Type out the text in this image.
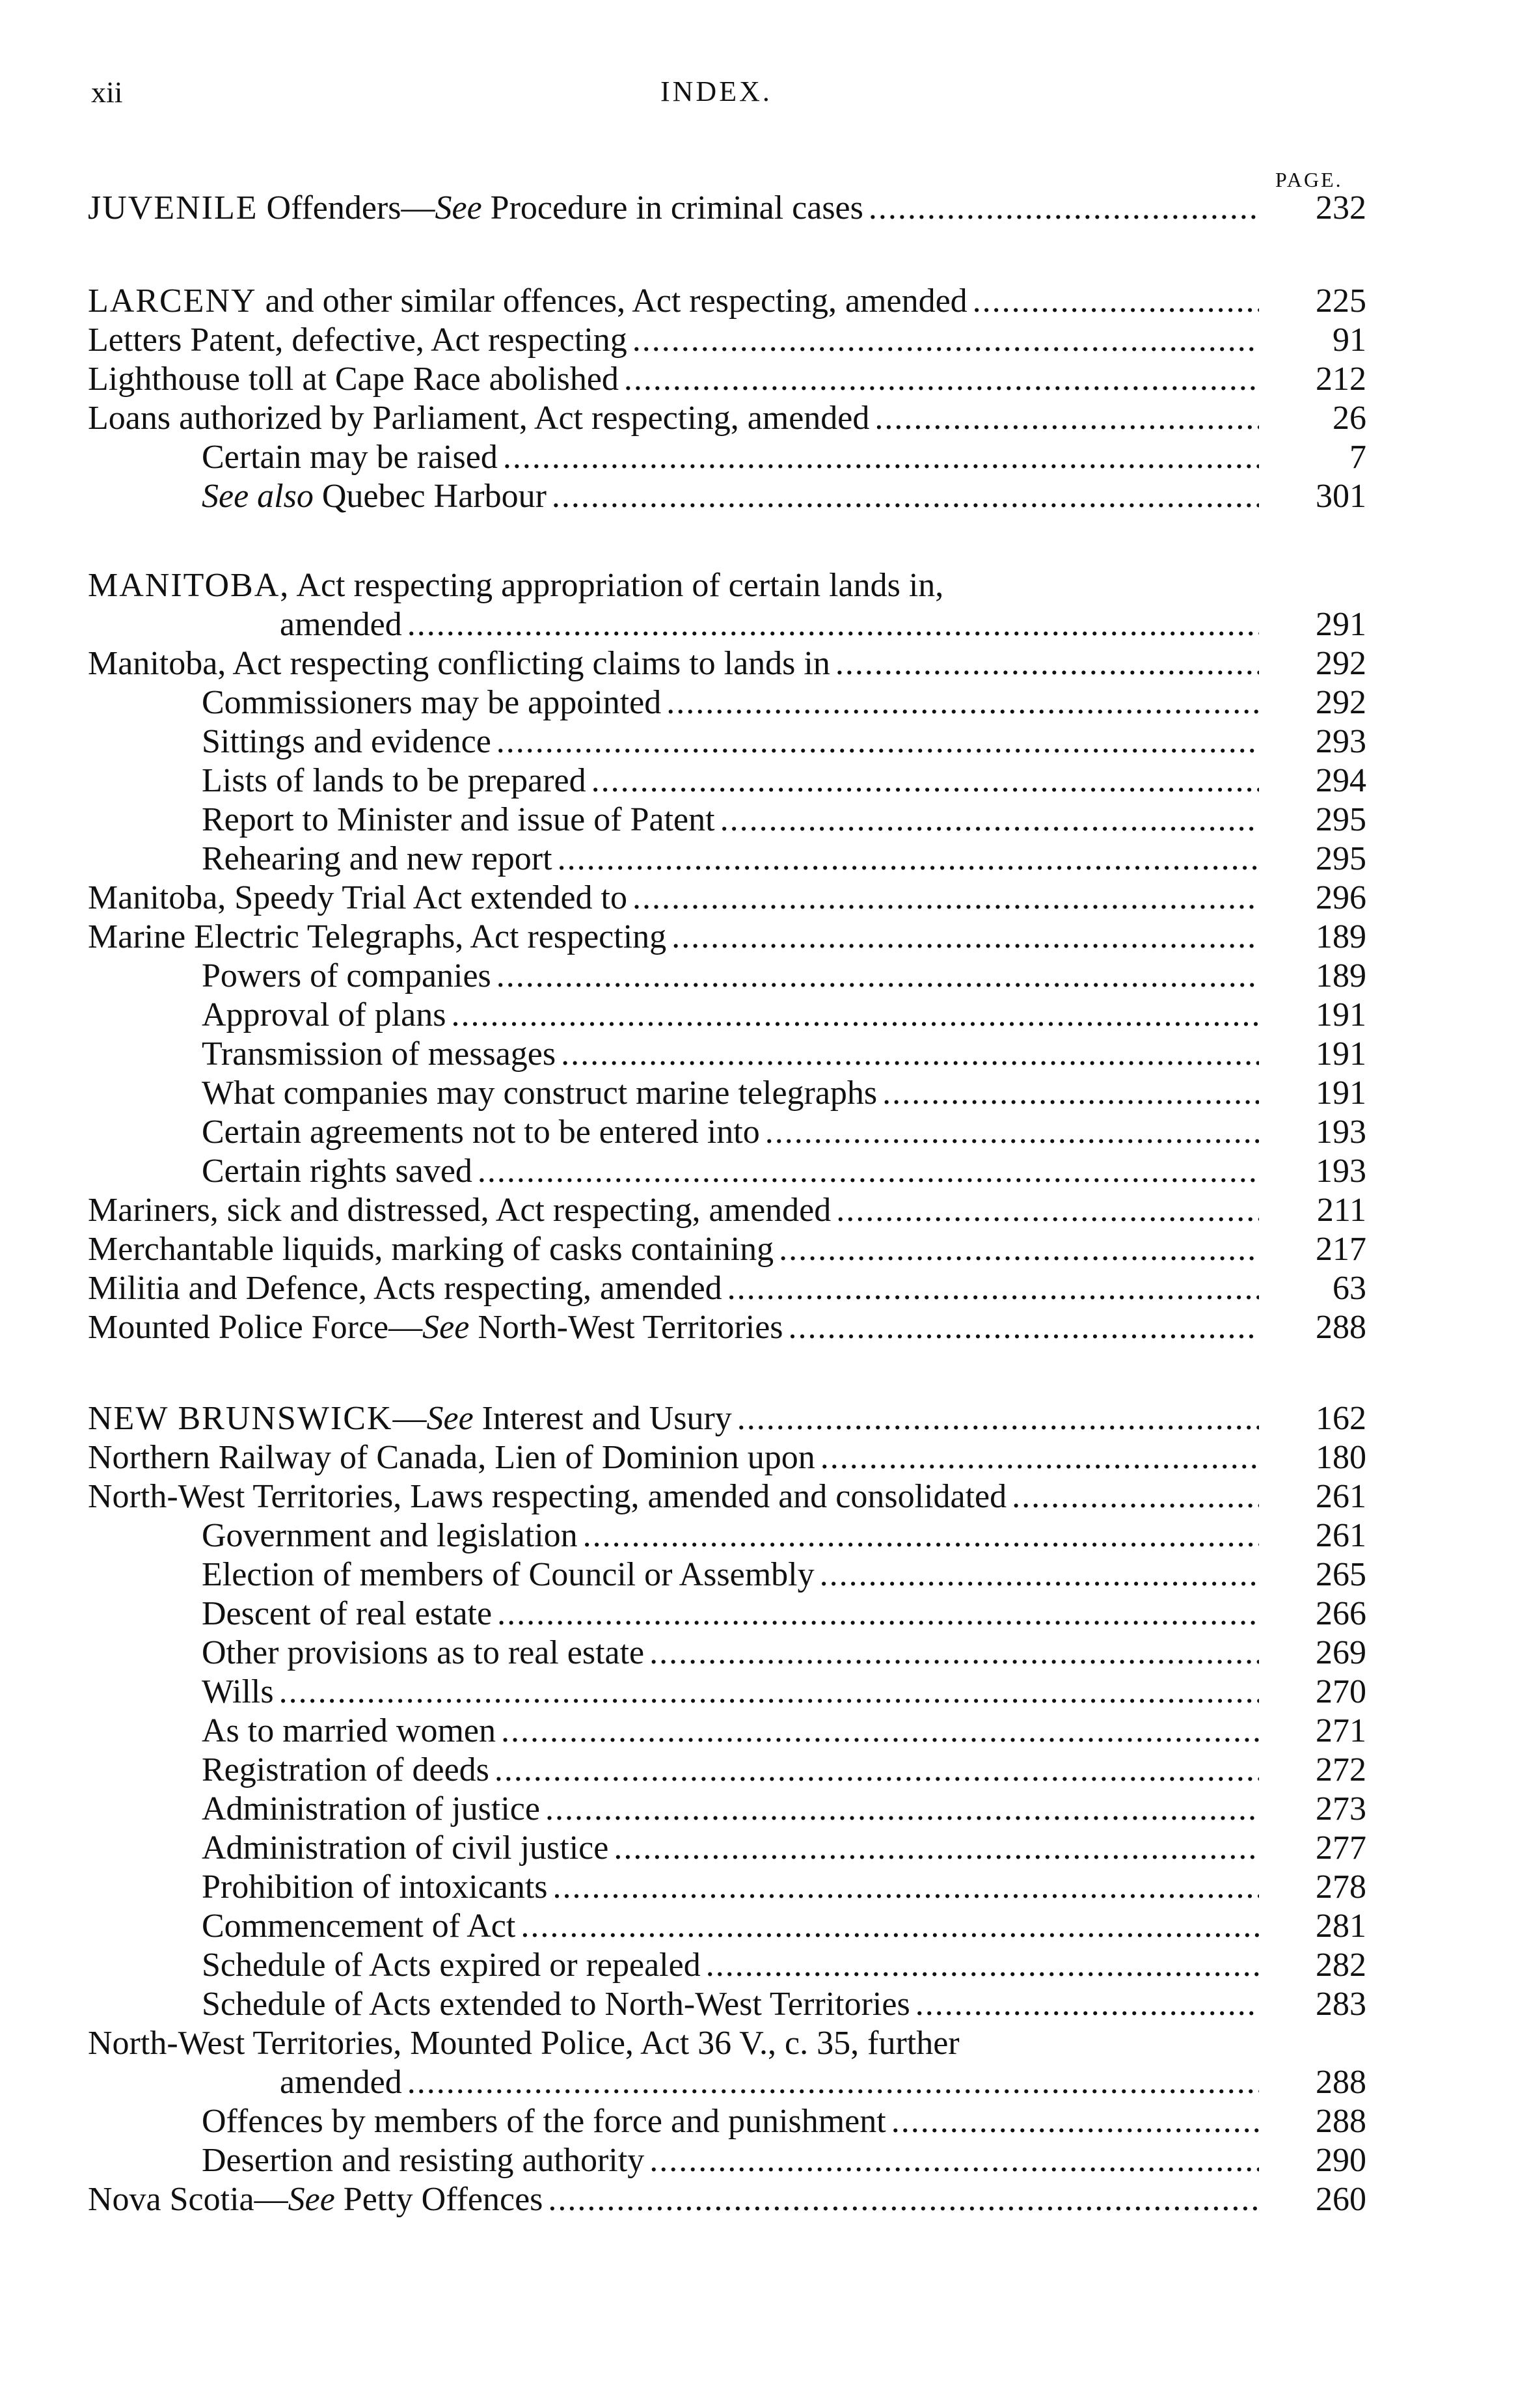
xii	INDEX.
PAGE.
JUVENILE Offenders—See Procedure in criminal cases .....	232
LARCENY and other similar offences, Act respecting, amended .....	225
Letters Patent, defective, Act respecting .....	91
Lighthouse toll at Cape Race abolished .....	212
Loans authorized by Parliament, Act respecting, amended .....	26
Certain may be raised .....	7
See also Quebec Harbour .....	301
MANITOBA, Act respecting appropriation of certain lands in,
amended .....	291
Manitoba, Act respecting conflicting claims to lands in .....	292
Commissioners may be appointed .....	292
Sittings and evidence .....	293
Lists of lands to be prepared .....	294
Report to Minister and issue of Patent .....	295
Rehearing and new report .....	295
Manitoba, Speedy Trial Act extended to .....	296
Marine Electric Telegraphs, Act respecting .....	189
Powers of companies .....	189
Approval of plans .....	191
Transmission of messages .....	191
What companies may construct marine telegraphs .....	191
Certain agreements not to be entered into .....	193
Certain rights saved .....	193
Mariners, sick and distressed, Act respecting, amended .....	211
Merchantable liquids, marking of casks containing .....	217
Militia and Defence, Acts respecting, amended .....	63
Mounted Police Force—See North-West Territories .....	288
NEW BRUNSWICK—See Interest and Usury .....	162
Northern Railway of Canada, Lien of Dominion upon .....	180
North-West Territories, Laws respecting, amended and consolidated .....	261
Government and legislation .....	261
Election of members of Council or Assembly .....	265
Descent of real estate .....	266
Other provisions as to real estate .....	269
Wills .....	270
As to married women .....	271
Registration of deeds .....	272
Administration of justice .....	273
Administration of civil justice .....	277
Prohibition of intoxicants .....	278
Commencement of Act .....	281
Schedule of Acts expired or repealed .....	282
Schedule of Acts extended to North-West Territories .....	283
North-West Territories, Mounted Police, Act 36 V., c. 35, further
amended .....	288
Offences by members of the force and punishment .....	288
Desertion and resisting authority .....	290
Nova Scotia—See Petty Offences .....	260
